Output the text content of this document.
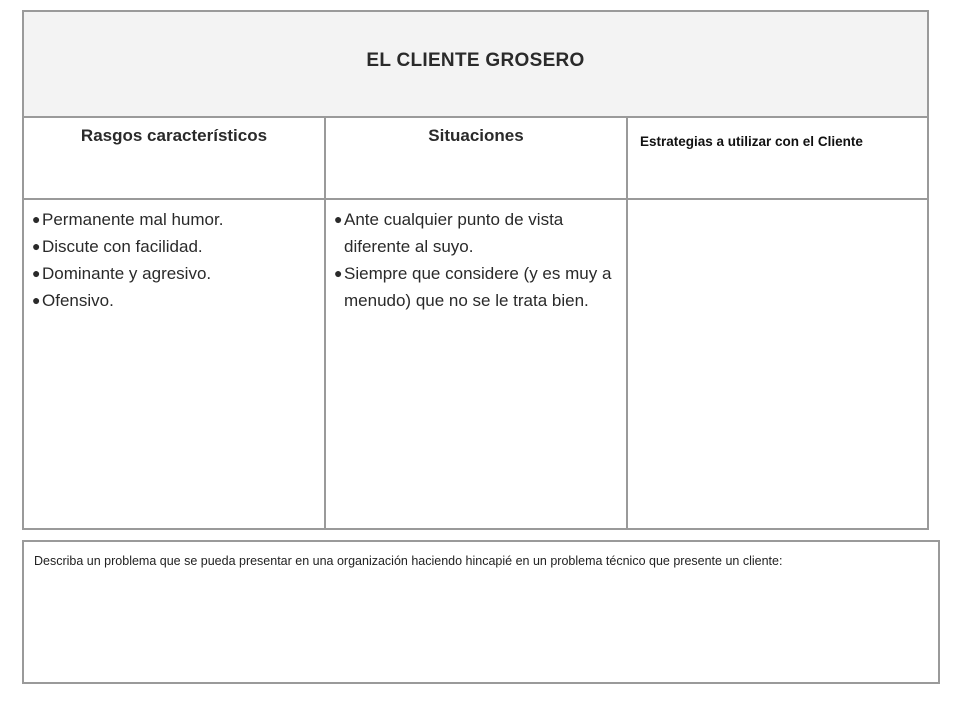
EL CLIENTE GROSERO
Rasgos característicos	Situaciones	Estrategias a utilizar con el Cliente
● Permanente mal humor.
● Discute con facilidad.
● Dominante y agresivo.
● Ofensivo.
● Ante cualquier punto de vista diferente al suyo.
● Siempre que considere (y es muy a menudo) que no se le trata bien.
Describa un problema que se pueda presentar en una organización haciendo hincapié en un problema técnico que presente un cliente:
